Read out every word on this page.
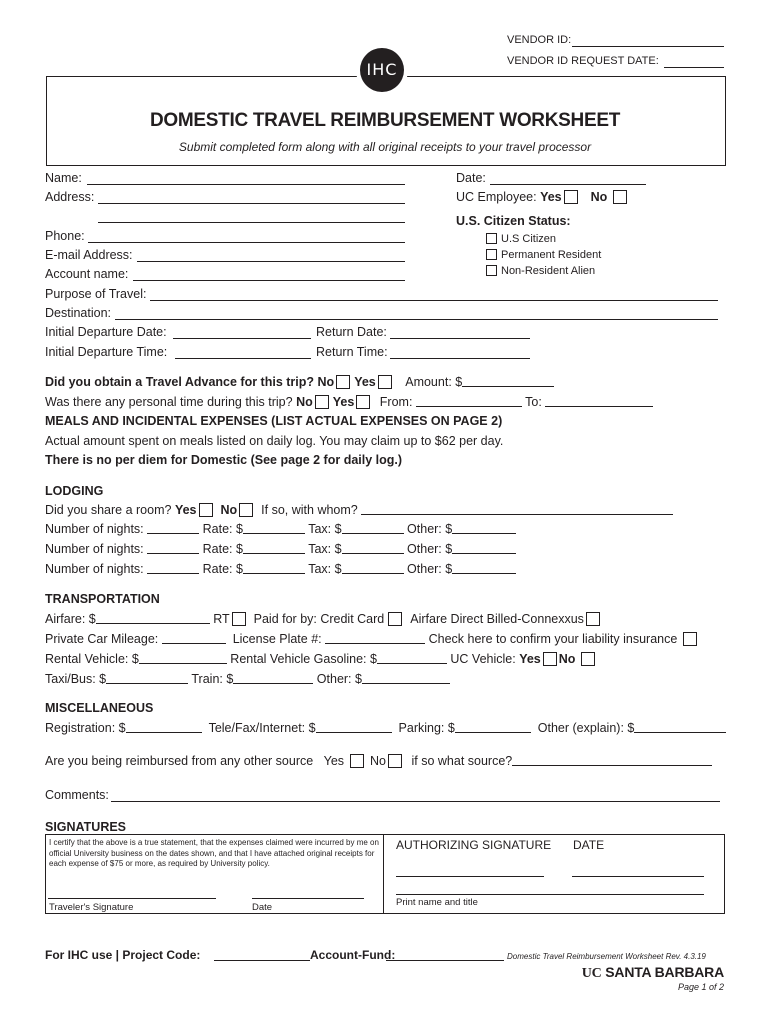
VENDOR ID:
VENDOR ID REQUEST DATE:
IHC
DOMESTIC TRAVEL REIMBURSEMENT WORKSHEET
Submit completed form along with all original receipts to your travel processor
Name:
Address:
Phone:
E-mail Address:
Account name:
Date:
UC Employee: Yes No
U.S. Citizen Status:
U.S Citizen
Permanent Resident
Non-Resident Alien
Purpose of Travel:
Destination:
Initial Departure Date:	Return Date:
Initial Departure Time:	Return Time:
Did you obtain a Travel Advance for this trip? No Yes Amount: $
Was there any personal time during this trip? No Yes From:	To:
MEALS AND INCIDENTAL EXPENSES (LIST ACTUAL EXPENSES ON PAGE 2)
Actual amount spent on meals listed on daily log. You may claim up to $62 per day.
There is no per diem for Domestic (See page 2 for daily log.)
LODGING
Did you share a room? Yes No If so, with whom?
Number of nights:	Rate: $	Tax: $	Other: $
Number of nights:	Rate: $	Tax: $	Other: $
Number of nights:	Rate: $	Tax: $	Other: $
TRANSPORTATION
Airfare: $	RT Paid for by: Credit Card Airfare Direct Billed-Connexxus
Private Car Mileage:	License Plate #:	Check here to confirm your liability insurance
Rental Vehicle: $	Rental Vehicle Gasoline: $	UC Vehicle: Yes No
Taxi/Bus: $	Train: $	Other: $
MISCELLANEOUS
Registration: $	Tele/Fax/Internet: $	Parking: $	Other (explain): $
Are you being reimbursed from any other source Yes No if so what source?
Comments:
SIGNATURES
I certify that the above is a true statement, that the expenses claimed were incurred by me on official University business on the dates shown, and that I have attached original receipts for each expense of $75 or more, as required by University policy.
Traveler's Signature	Date
AUTHORIZING SIGNATURE DATE
Print name and title
For IHC use | Project Code:	Account-Fund:	Domestic Travel Reimbursement Worksheet Rev. 4.3.19
UC SANTA BARBARA
Page 1 of 2
